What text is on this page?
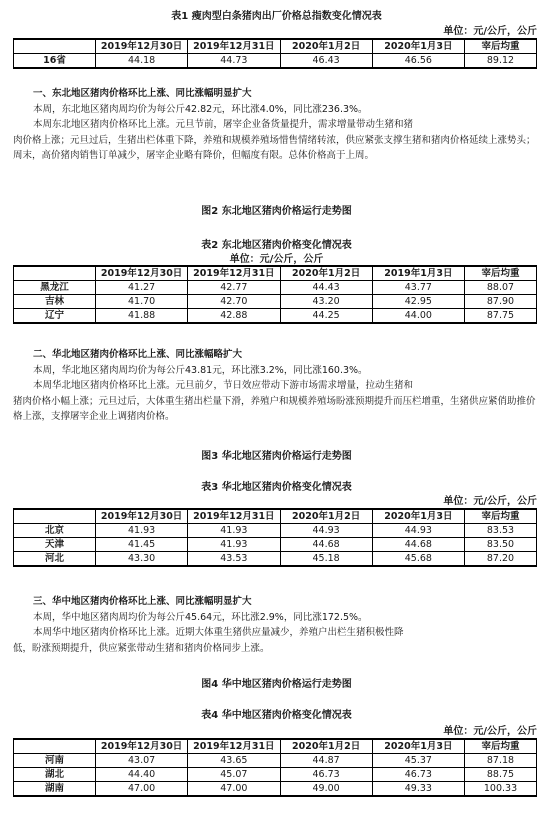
表1 瘦肉型白条猪肉出厂价格总指数变化情况表
单位：元/公斤，公斤
	2019年12月30日	2019年12月31日	2020年1月2日	2020年1月3日	宰后均重
16省	44.18	44.73	46.43	46.56	89.12
一、东北地区猪肉价格环比上涨、同比涨幅明显扩大

本周，东北地区猪肉周均价为每公斤42.82元，环比涨4.0%，同比涨236.3%。

本周东北地区猪肉价格环比上涨。元旦节前，屠宰企业备货量提升，需求增量带动生猪和猪

肉价格上涨；元旦过后，生猪出栏体重下降，养殖和规模养殖场惜售情绪转浓，供应紧张支撑生猪和猪肉价格延续上涨势头；周末，高价猪肉销售订单减少，屠宰企业略有降价，但幅度有限。总体价格高于上周。

图2 东北地区猪肉价格运行走势图
表2 东北地区猪肉价格变化情况表
单位：元/公斤，公斤
	2019年12月30日	2019年12月31日	2020年1月2日	2019年1月3日	宰后均重
黑龙江	41.27	42.77	44.43	43.77	88.07
吉林	41.70	42.70	43.20	42.95	87.90
辽宁	41.88	42.88	44.25	44.00	87.75
二、华北地区猪肉价格环比上涨、同比涨幅略扩大

本周，华北地区猪肉周均价为每公斤43.81元，环比涨3.2%，同比涨160.3%。

本周华北地区猪肉价格环比上涨。元旦前夕，节日效应带动下游市场需求增量，拉动生猪和

猪肉价格小幅上涨；元旦过后，大体重生猪出栏量下滑，养殖户和规模养殖场盼涨预期提升而压栏增重，生猪供应紧俏助推价格上涨，支撑屠宰企业上调猪肉价格。

图3 华北地区猪肉价格运行走势图
表3 华北地区猪肉价格变化情况表
单位：元/公斤，公斤
	2019年12月30日	2019年12月31日	2020年1月2日	2020年1月3日	宰后均重
北京	41.93	41.93	44.93	44.93	83.53
天津	41.45	41.93	44.68	44.68	83.50
河北	43.30	43.53	45.18	45.68	87.20
三、华中地区猪肉价格环比上涨、同比涨幅明显扩大

本周，华中地区猪肉周均价为每公斤45.64元，环比涨2.9%，同比涨172.5%。

本周华中地区猪肉价格环比上涨。近期大体重生猪供应量减少，养殖户出栏生猪积极性降

低，盼涨预期提升，供应紧张带动生猪和猪肉价格同步上涨。

图4 华中地区猪肉价格运行走势图
表4 华中地区猪肉价格变化情况表
单位：元/公斤，公斤
	2019年12月30日	2019年12月31日	2020年1月2日	2020年1月3日	宰后均重
河南	43.07	43.65	44.87	45.37	87.18
湖北	44.40	45.07	46.73	46.73	88.75
湖南	47.00	47.00	49.00	49.33	100.33
